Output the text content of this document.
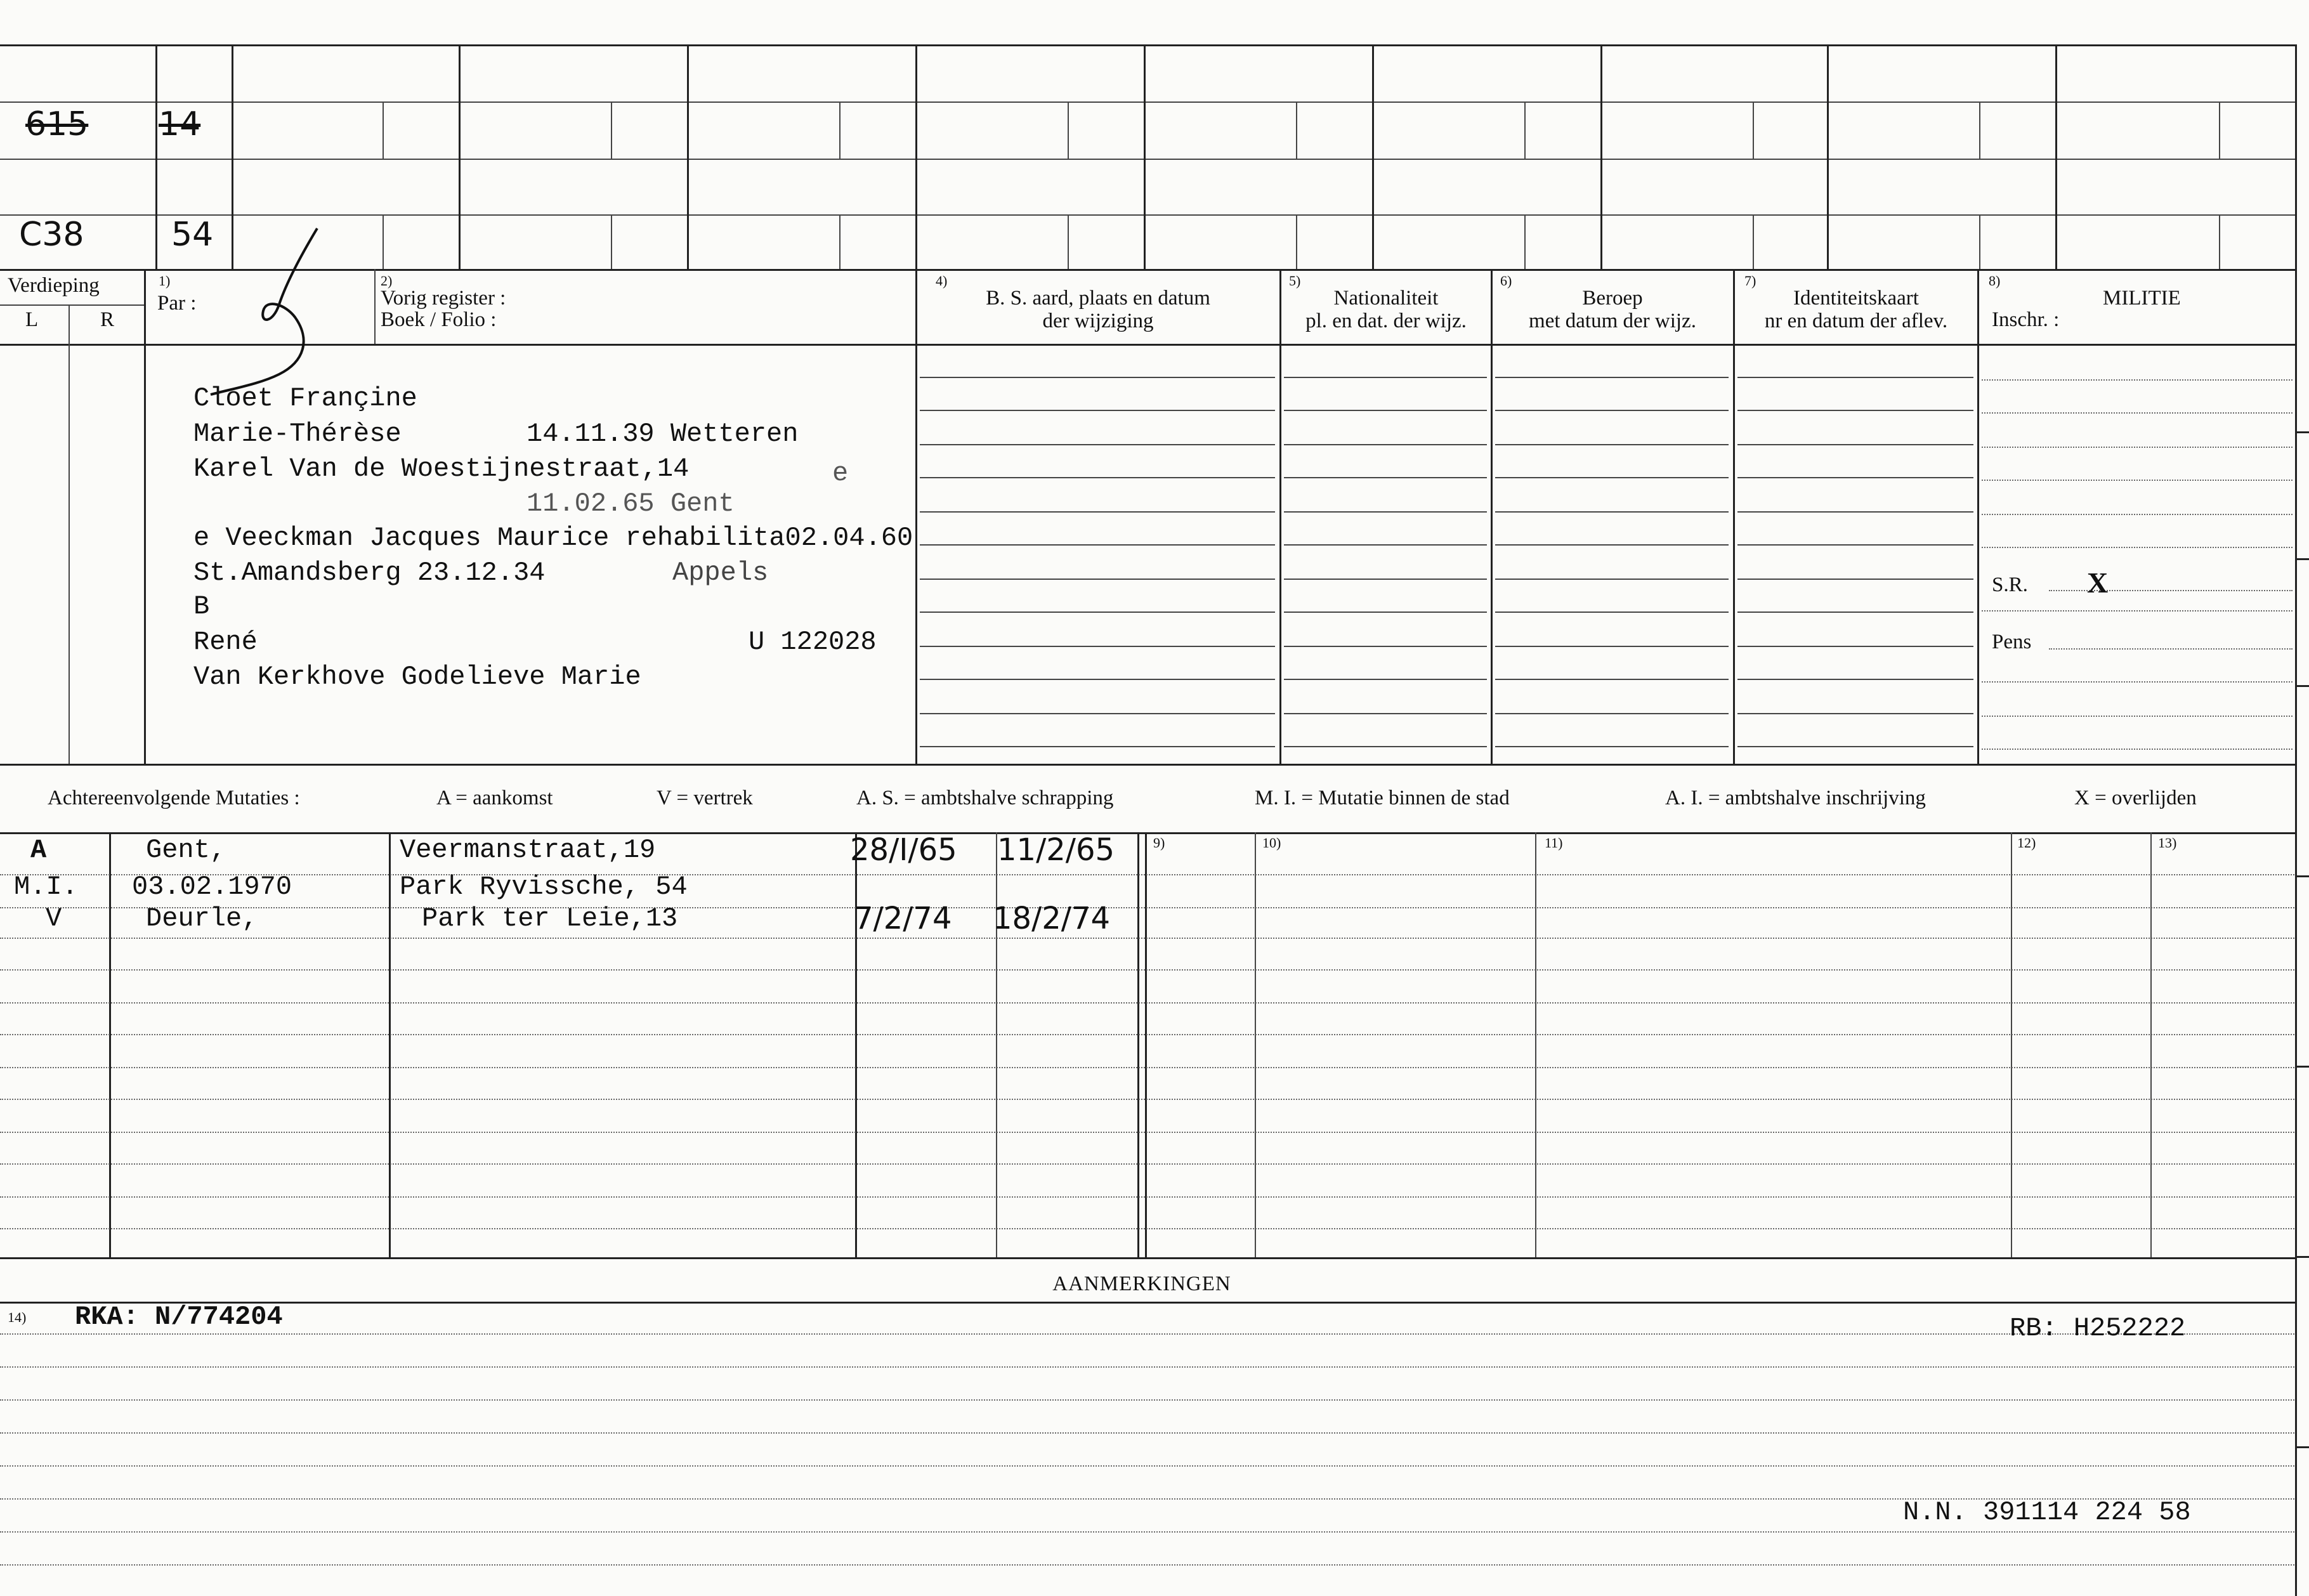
615 14
C38	54
Verdieping
L	R
1)
Par :
2)
Vorig register :
Boek / Folio :
4)
B. S. aard, plaats en datum
der wijziging
5)
Nationaliteit
pl. en dat. der wijz.
6)
Beroep
met datum der wijz.
7)
Identiteitskaart
nr en datum der aflev.
8)
MILITIE
Inschr. :
Cloet Françine
Marie-Thérèse	14.11.39 Wetteren
Karel Van de Woestijnestraat,14	e
11.02.65 Gent
e Veeckman Jacques Maurice rehabilita02.04.60
St.Amandsberg 23.12.34	Appels
B
René	U 122028
Van Kerkhove Godelieve Marie
S.R. X
Pens
Achtereenvolgende Mutaties :	A = aankomst	V = vertrek	A. S. = ambtshalve schrapping	M. I. = Mutatie binnen de stad	A. I. = ambtshalve inschrijving	X = overlijden
9)	10)	11)	12)	13)
A	Gent,	Veermanstraat,19	28/I/65 11/2/65
M.I. 03.02.1970	Park Ryvissche, 54
V	Deurle,	Park ter Leie,13	7/2/74 18/2/74
AANMERKINGEN
14) RKA: N/774204	RB: H252222
N.N. 391114 224 58
